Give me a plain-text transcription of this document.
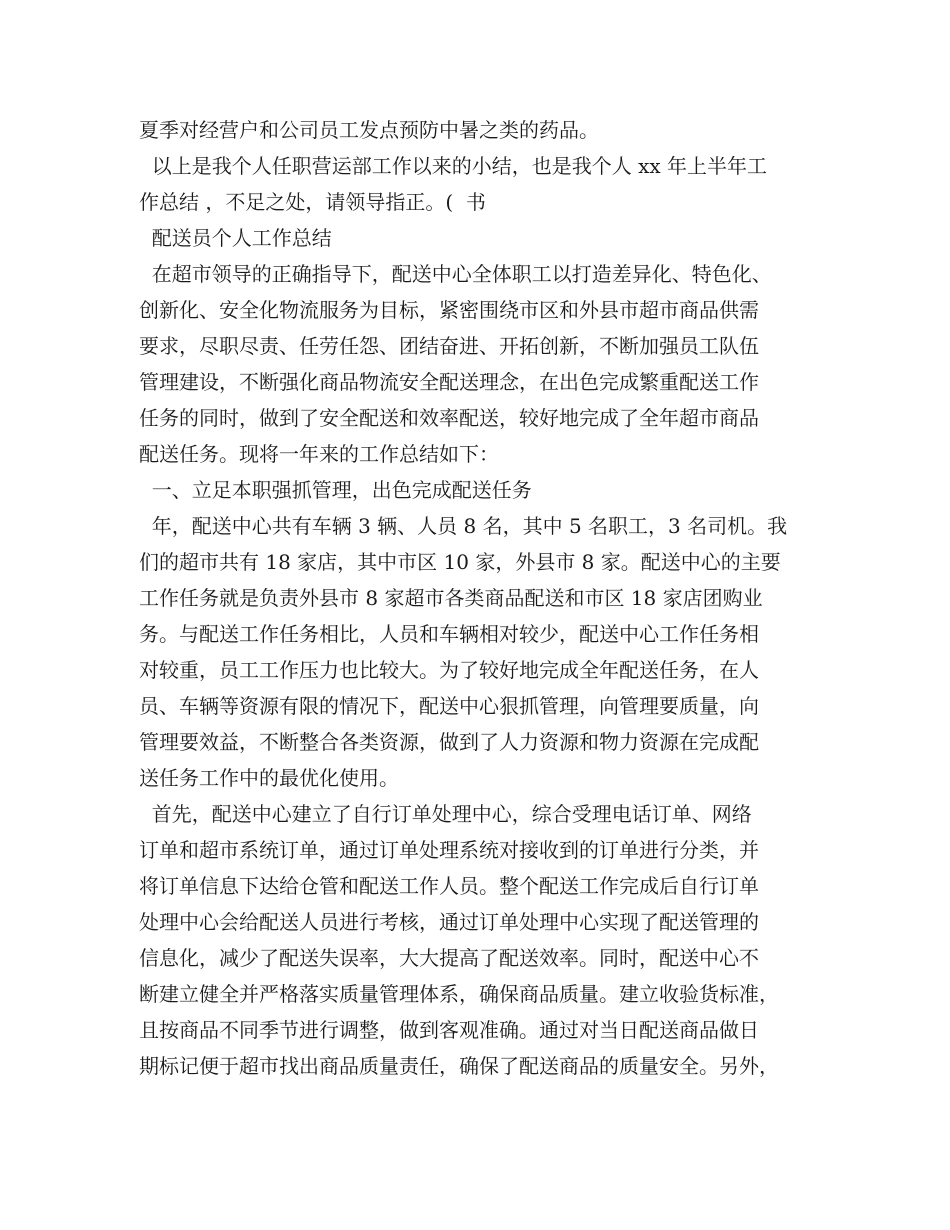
夏季对经营户和公司员工发点预防中暑之类的药品。
以上是我个人任职营运部工作以来的小结，也是我个人 xx 年上半年工
作总结 ，不足之处，请领导指正。(  书
配送员个人工作总结
在超市领导的正确指导下，配送中心全体职工以打造差异化、特色化、
创新化、安全化物流服务为目标，紧密围绕市区和外县市超市商品供需
要求，尽职尽责、任劳任怨、团结奋进、开拓创新，不断加强员工队伍
管理建设，不断强化商品物流安全配送理念，在出色完成繁重配送工作
任务的同时，做到了安全配送和效率配送，较好地完成了全年超市商品
配送任务。现将一年来的工作总结如下：
一、立足本职强抓管理，出色完成配送任务
年，配送中心共有车辆 3 辆、人员 8 名，其中 5 名职工，3 名司机。我
们的超市共有 18 家店，其中市区 10 家，外县市 8 家。配送中心的主要
工作任务就是负责外县市 8 家超市各类商品配送和市区 18 家店团购业
务。与配送工作任务相比，人员和车辆相对较少，配送中心工作任务相
对较重，员工工作压力也比较大。为了较好地完成全年配送任务，在人
员、车辆等资源有限的情况下，配送中心狠抓管理，向管理要质量，向
管理要效益，不断整合各类资源，做到了人力资源和物力资源在完成配
送任务工作中的最优化使用。
首先，配送中心建立了自行订单处理中心，综合受理电话订单、网络
订单和超市系统订单，通过订单处理系统对接收到的订单进行分类，并
将订单信息下达给仓管和配送工作人员。整个配送工作完成后自行订单
处理中心会给配送人员进行考核，通过订单处理中心实现了配送管理的
信息化，减少了配送失误率，大大提高了配送效率。同时，配送中心不
断建立健全并严格落实质量管理体系，确保商品质量。建立收验货标准，
且按商品不同季节进行调整，做到客观准确。通过对当日配送商品做日
期标记便于超市找出商品质量责任，确保了配送商品的质量安全。另外，
